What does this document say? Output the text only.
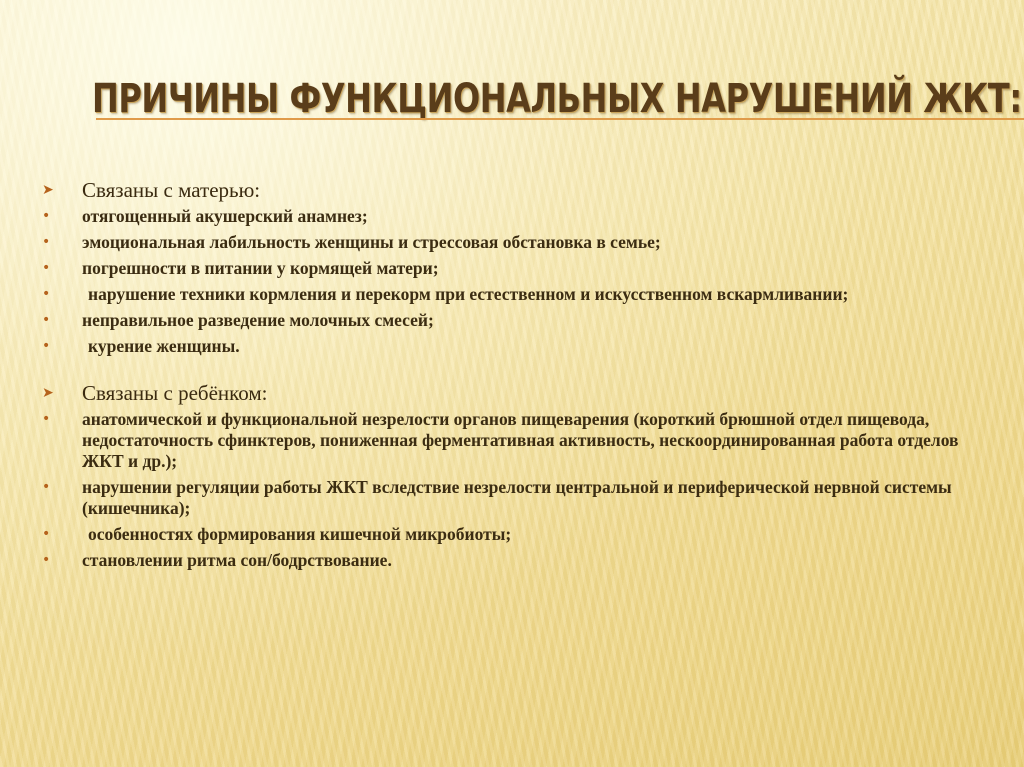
ПРИЧИНЫ ФУНКЦИОНАЛЬНЫХ НАРУШЕНИЙ ЖКТ:
➤ Связаны с матерью:
• отягощенный акушерский анамнез;
• эмоциональная лабильность женщины и стрессовая обстановка в семье;
• погрешности в питании у кормящей матери;
• нарушение техники кормления и перекорм при естественном и искусственном вскармливании;
• неправильное разведение молочных смесей;
• курение женщины.
➤ Связаны с ребёнком:
• анатомической и функциональной незрелости органов пищеварения (короткий брюшной отдел пищевода, недостаточность сфинктеров, пониженная ферментативная активность, нескоординированная работа отделов ЖКТ и др.);
• нарушении регуляции работы ЖКТ вследствие незрелости центральной и периферической нервной системы (кишечника);
• особенностях формирования кишечной микробиоты;
• становлении ритма сон/бодрствование.
